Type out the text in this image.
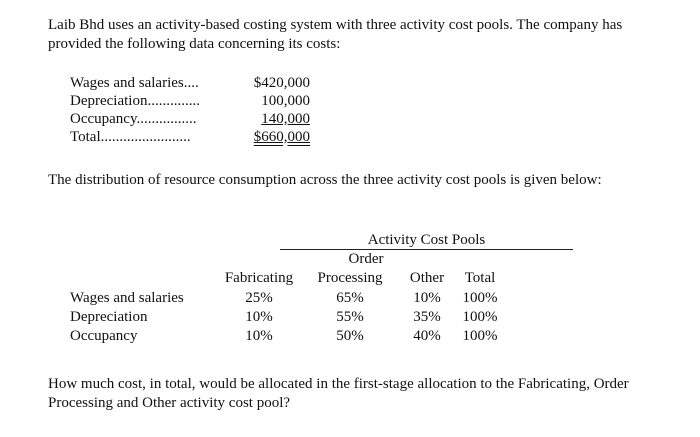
Laib Bhd uses an activity-based costing system with three activity cost pools. The company has provided the following data concerning its costs:

Wages and salaries....	$420,000
Depreciation..............	100,000
Occupancy................	140,000
Total........................	$660,000

The distribution of resource consumption across the three activity cost pools is given below:

Activity Cost Pools
Order
Fabricating	Processing	Other	Total
Wages and salaries	25%	65%	10%	100%
Depreciation	10%	55%	35%	100%
Occupancy	10%	50%	40%	100%

How much cost, in total, would be allocated in the first-stage allocation to the Fabricating, Order Processing and Other activity cost pool?
